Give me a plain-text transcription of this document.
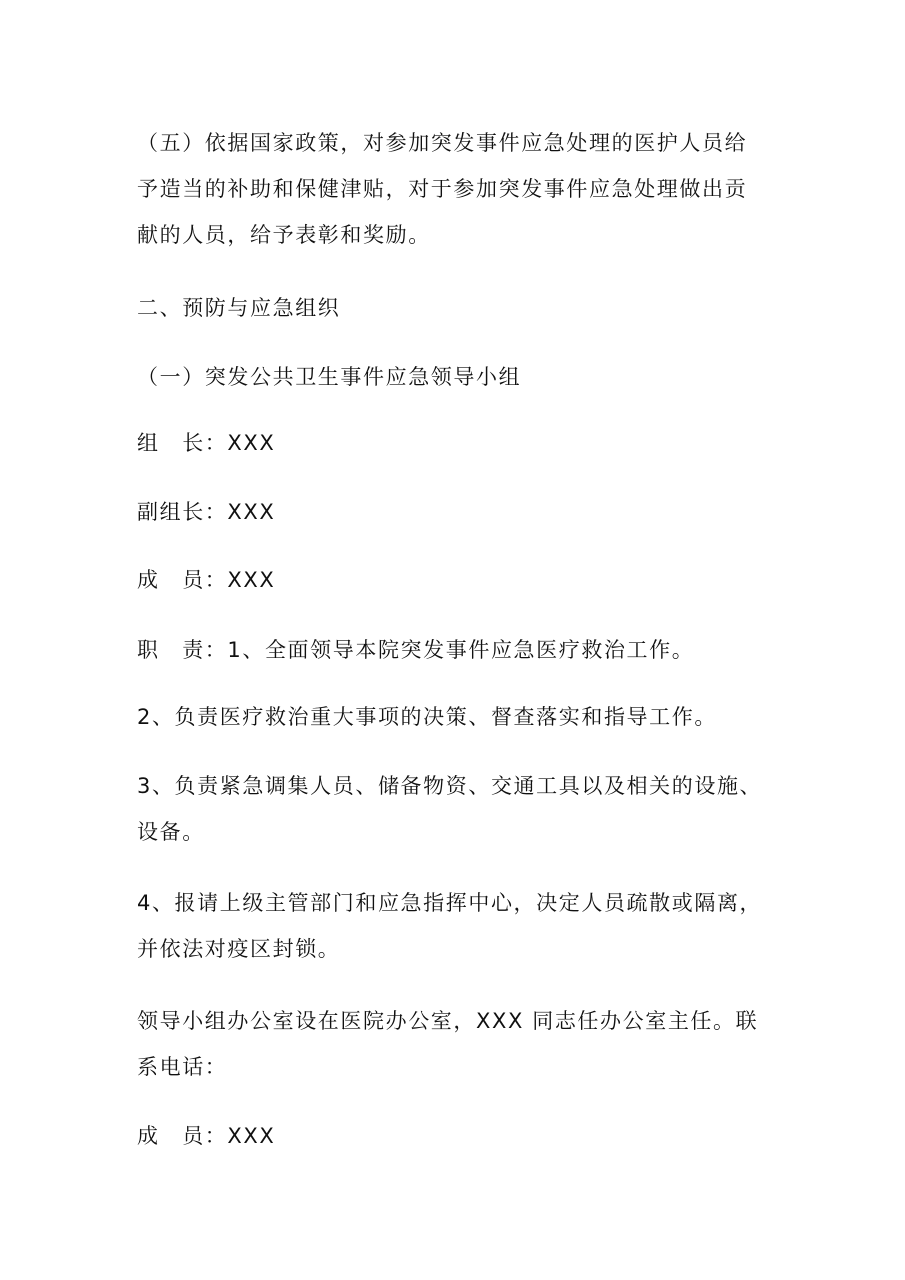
（五）依据国家政策，对参加突发事件应急处理的医护人员给
予造当的补助和保健津贴，对于参加突发事件应急处理做出贡
献的人员，给予表彰和奖励。

二、预防与应急组织

（一）突发公共卫生事件应急领导小组

组　长：XXX

副组长：XXX

成　员：XXX

职　责：1、全面领导本院突发事件应急医疗救治工作。

2、负责医疗救治重大事项的决策、督查落实和指导工作。

3、负责紧急调集人员、储备物资、交通工具以及相关的设施、
设备。

4、报请上级主管部门和应急指挥中心，决定人员疏散或隔离，
并依法对疫区封锁。

领导小组办公室设在医院办公室，XXX 同志任办公室主任。联
系电话：

成　员：XXX
